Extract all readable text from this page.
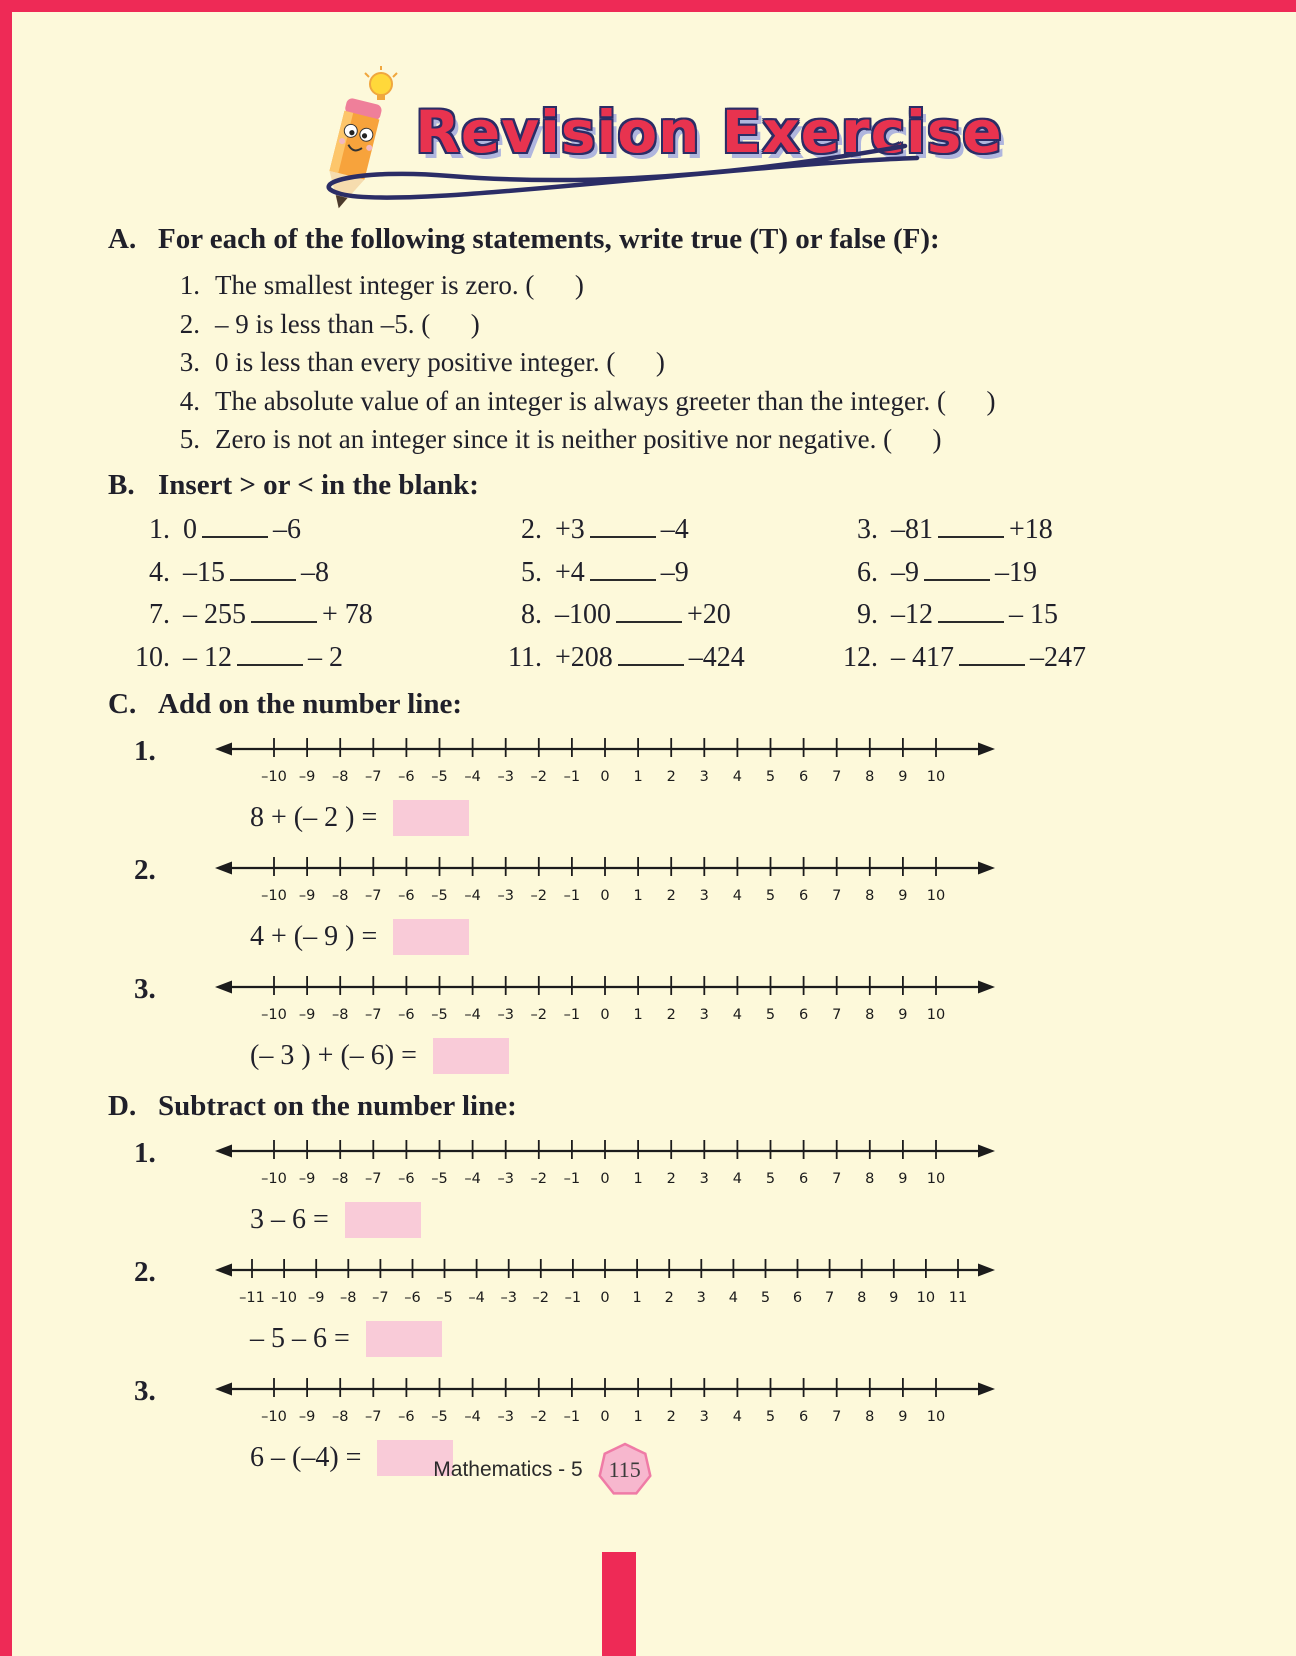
Revision Exercise
A. For each of the following statements, write true (T) or false (F):
1. The smallest integer is zero. (      )
2. – 9 is less than –5. (      )
3. 0 is less than every positive integer. (      )
4. The absolute value of an integer is always greeter than the integer. (      )
5. Zero is not an integer since it is neither positive nor negative. (      )
B. Insert > or < in the blank:
1. 0	–6	2. +3	–4	3. –81	+18
4. –15	–8	5. +4	–9	6. –9	–19
7. – 255	+ 78	8. –100	+20	9. –12	– 15
10. – 12	– 2	11. +208	–424	12. – 417	–247
C. Add on the number line:
1.
–10 –9 –8 –7 –6 –5 –4 –3 –2 –1 0 1 2 3 4 5 6 7 8 9 10
8 + (– 2 ) =
2.
–10 –9 –8 –7 –6 –5 –4 –3 –2 –1 0 1 2 3 4 5 6 7 8 9 10
4 + (– 9 ) =
3.
–10 –9 –8 –7 –6 –5 –4 –3 –2 –1 0 1 2 3 4 5 6 7 8 9 10
(– 3 ) + (– 6) =
D. Subtract on the number line:
1.
–10 –9 –8 –7 –6 –5 –4 –3 –2 –1 0 1 2 3 4 5 6 7 8 9 10
3 – 6 =
2.
–11 –10 –9 –8 –7 –6 –5 –4 –3 –2 –1 0 1 2 3 4 5 6 7 8 9 10 11
– 5 – 6 =
3.
–10 –9 –8 –7 –6 –5 –4 –3 –2 –1 0 1 2 3 4 5 6 7 8 9 10
6 – (–4) =	Mathematics - 5	115
